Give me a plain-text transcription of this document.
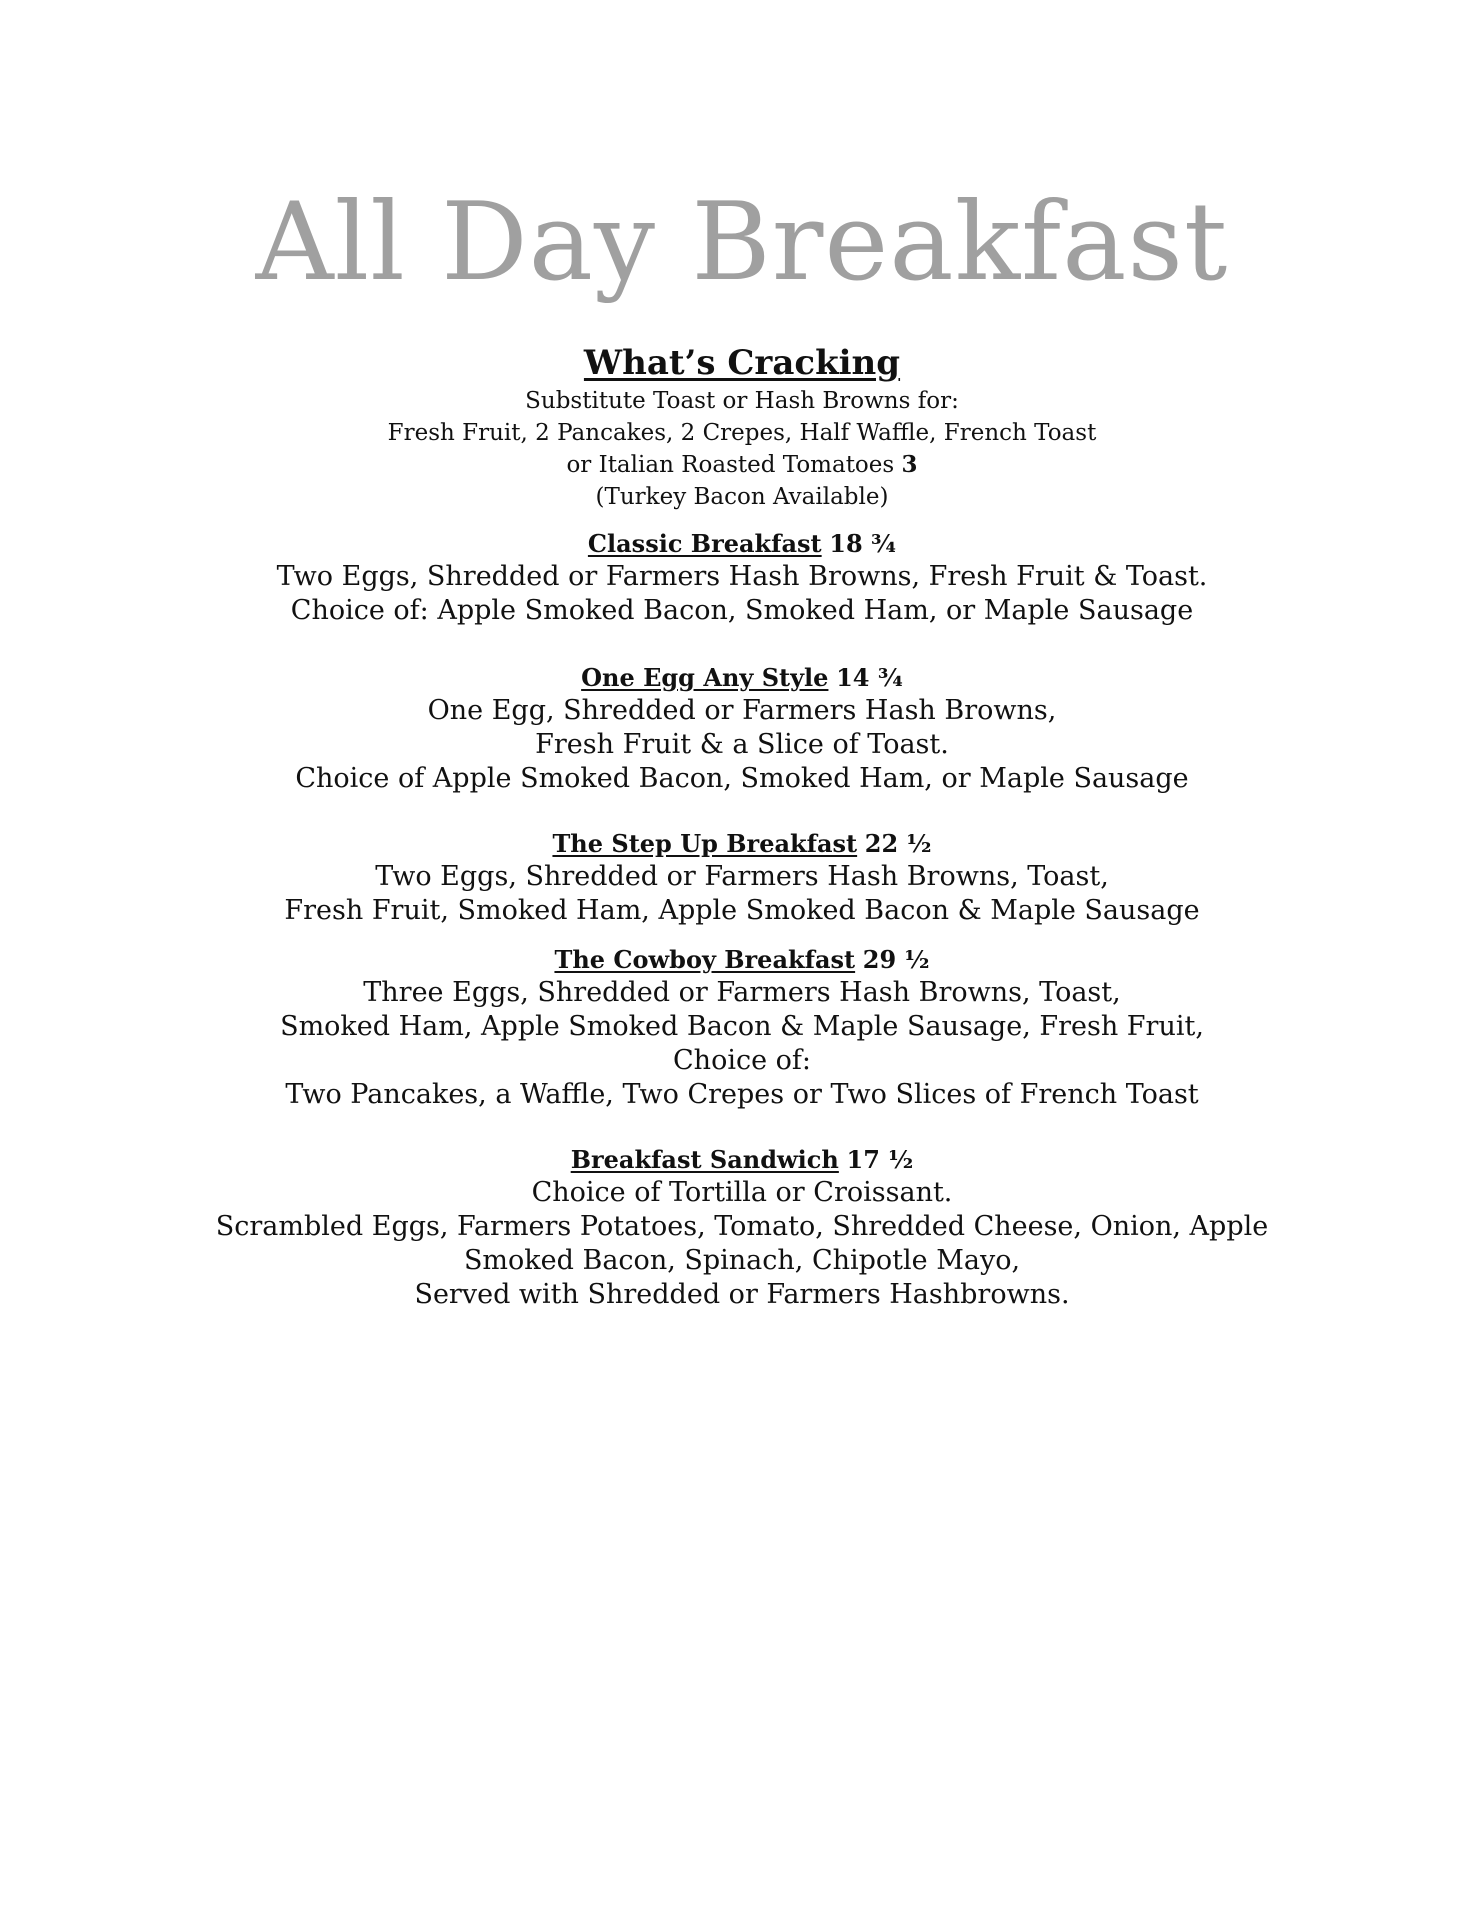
All Day Breakfast

What’s Cracking

Substitute Toast or Hash Browns for:

Fresh Fruit, 2 Pancakes, 2 Crepes, Half Waffle, French Toast

or Italian Roasted Tomatoes 3

(Turkey Bacon Available)

Classic Breakfast 18 ¾

Two Eggs, Shredded or Farmers Hash Browns, Fresh Fruit & Toast.

Choice of: Apple Smoked Bacon, Smoked Ham, or Maple Sausage

One Egg Any Style 14 ¾

One Egg, Shredded or Farmers Hash Browns,

Fresh Fruit & a Slice of Toast.

Choice of Apple Smoked Bacon, Smoked Ham, or Maple Sausage

The Step Up Breakfast 22 ½

Two Eggs, Shredded or Farmers Hash Browns, Toast,

Fresh Fruit, Smoked Ham, Apple Smoked Bacon & Maple Sausage

The Cowboy Breakfast 29 ½

Three Eggs, Shredded or Farmers Hash Browns, Toast,

Smoked Ham, Apple Smoked Bacon & Maple Sausage, Fresh Fruit,

Choice of:

Two Pancakes, a Waffle, Two Crepes or Two Slices of French Toast

Breakfast Sandwich 17 ½

Choice of Tortilla or Croissant.

Scrambled Eggs, Farmers Potatoes, Tomato, Shredded Cheese, Onion, Apple

Smoked Bacon, Spinach, Chipotle Mayo,

Served with Shredded or Farmers Hashbrowns.
